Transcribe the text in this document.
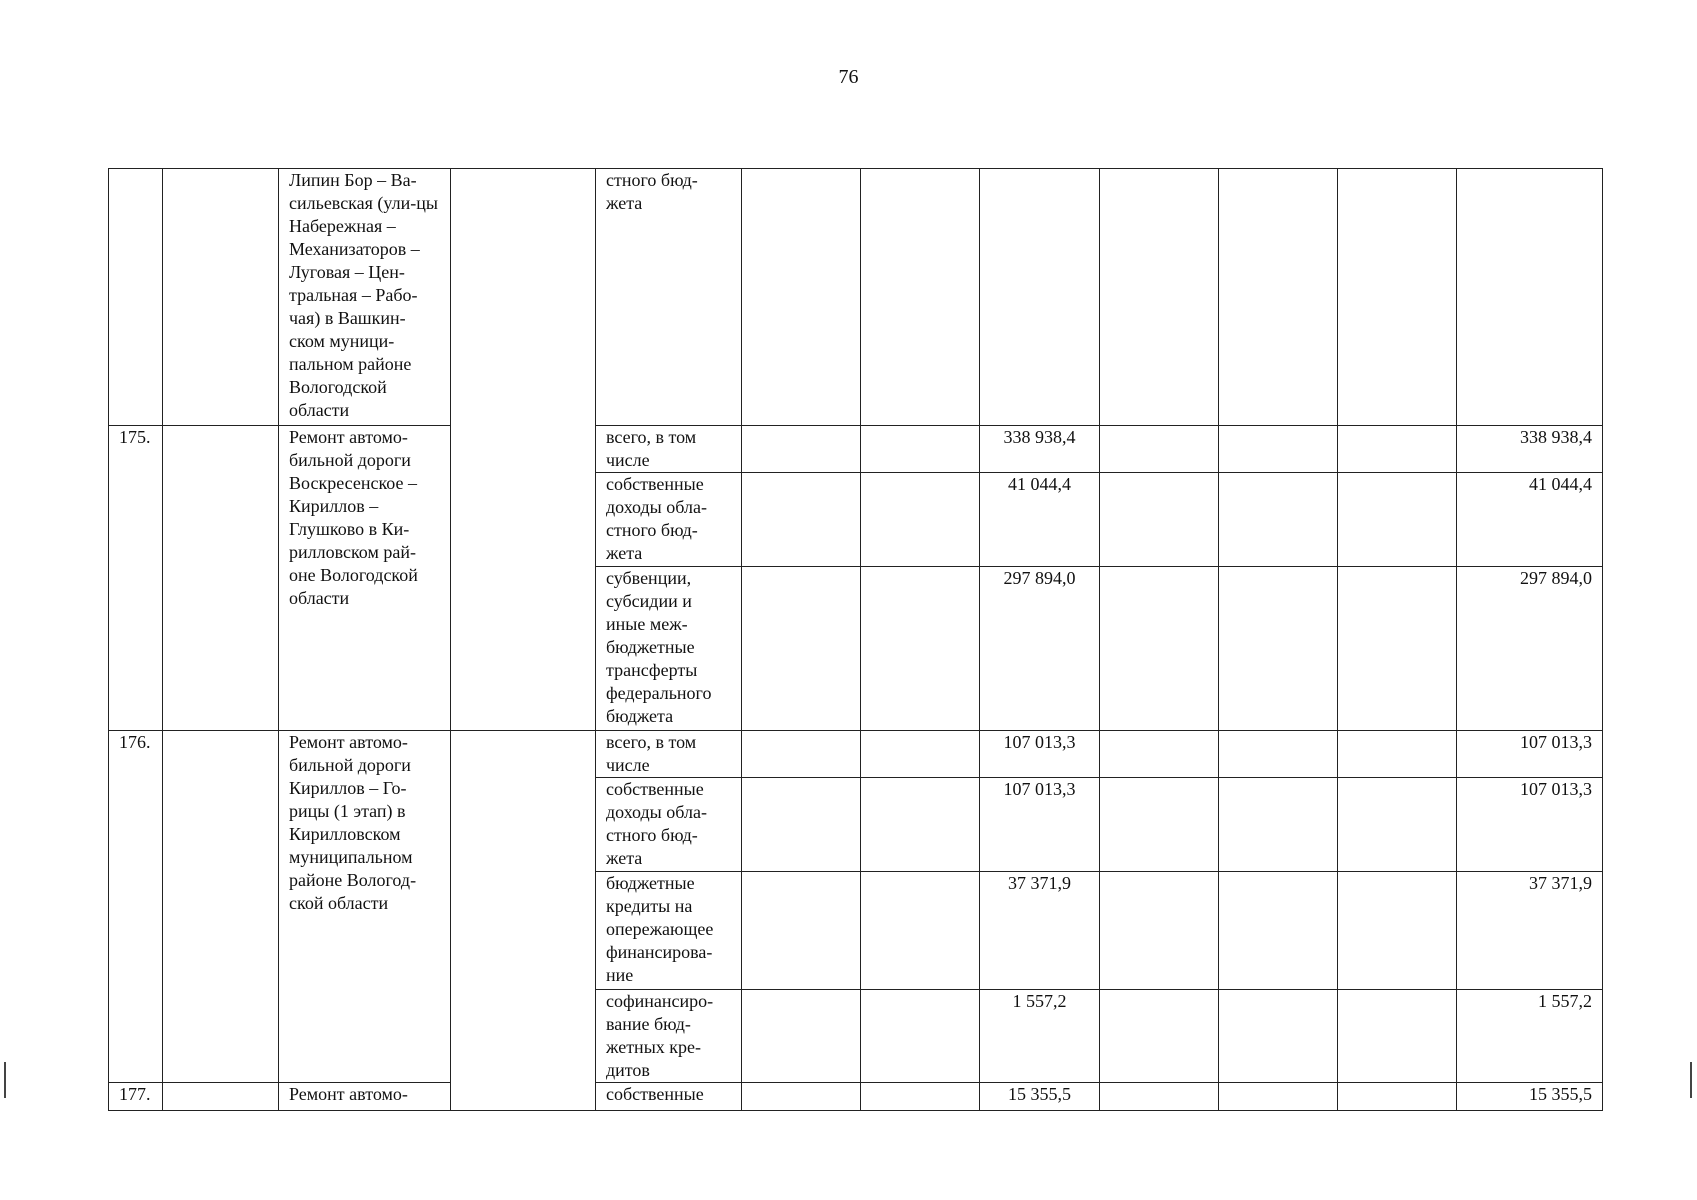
76
		Липин Бор – Ва-сильевская (ули-цы Набережная – Механизаторов – Луговая – Цен-тральная – Рабо-чая) в Вашкин-ском муници-пальном районе Вологодской области		стного бюд-жета							
175.		Ремонт автомо-бильной дороги Воскресенское – Кириллов – Глушково в Ки-рилловском рай-оне Вологодской области		всего, в том числе			338 938,4				338 938,4
				собственные доходы обла-стного бюд-жета			41 044,4				41 044,4
				субвенции, субсидии и иные меж-бюджетные трансферты федерального бюджета			297 894,0				297 894,0
176.		Ремонт автомо-бильной дороги Кириллов – Го-рицы (1 этап) в Кирилловском муниципальном районе Вологод-ской области		всего, в том числе			107 013,3				107 013,3
				собственные доходы обла-стного бюд-жета			107 013,3				107 013,3
				бюджетные кредиты на опережающее финансирова-ние			37 371,9				37 371,9
				софинансиро-вание бюд-жетных кре-дитов			1 557,2				1 557,2
177.		Ремонт автомо-		собственные			15 355,5				15 355,5
